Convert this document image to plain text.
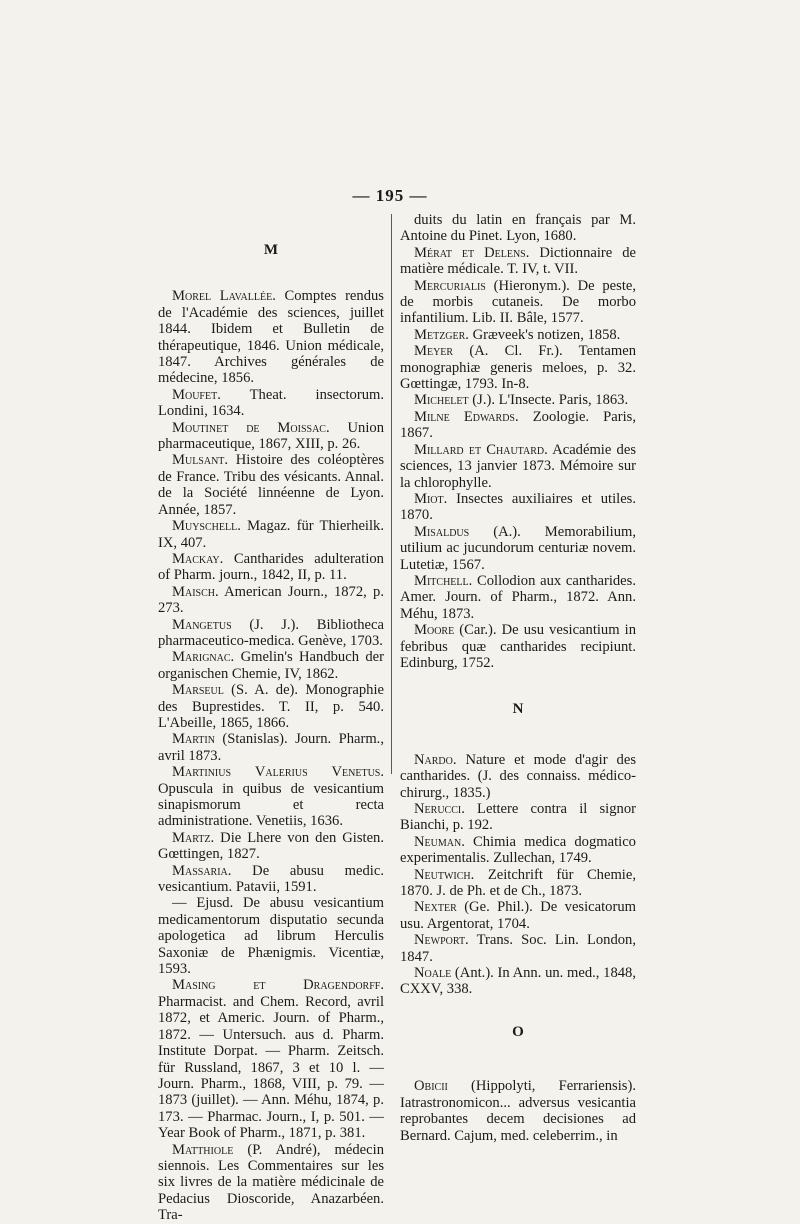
— 195 —
M

Morel Lavallée. Comptes rendus de l'Académie des sciences, juillet 1844. Ibidem et Bulletin de thérapeutique, 1846. Union médicale, 1847. Archives générales de médecine, 1856.

Moufet. Theat. insectorum. Londini, 1634.

Moutinet de Moissac. Union pharmaceutique, 1867, XIII, p. 26.

Mulsant. Histoire des coléoptères de France. Tribu des vésicants. Annal. de la Société linnéenne de Lyon. Année, 1857.

Muyschell. Magaz. für Thierheilk. IX, 407.

Mackay. Cantharides adulteration of Pharm. journ., 1842, II, p. 11.

Maisch. American Journ., 1872, p. 273.

Mangetus (J. J.). Bibliotheca pharmaceutico-medica. Genève, 1703.

Marignac. Gmelin's Handbuch der organischen Chemie, IV, 1862.

Marseul (S. A. de). Monographie des Buprestides. T. II, p. 540. L'Abeille, 1865, 1866.

Martin (Stanislas). Journ. Pharm., avril 1873.

Martinius Valerius Venetus. Opuscula in quibus de vesicantium sinapismorum et recta administratione. Venetiis, 1636.

Martz. Die Lhere von den Gisten. Gœttingen, 1827.

Massaria. De abusu medic. vesicantium. Patavii, 1591.

— Ejusd. De abusu vesicantium medicamentorum disputatio secunda apologetica ad librum Herculis Saxoniæ de Phænigmis. Vicentiæ, 1593.

Masing et Dragendorff. Pharmacist. and Chem. Record, avril 1872, et Americ. Journ. of Pharm., 1872. — Untersuch. aus d. Pharm. Institute Dorpat. — Pharm. Zeitsch. für Russland, 1867, 3 et 10 l. — Journ. Pharm., 1868, VIII, p. 79. — 1873 (juillet). — Ann. Méhu, 1874, p. 173. — Pharmac. Journ., I, p. 501. — Year Book of Pharm., 1871, p. 381.

Matthiole (P. André), médecin siennois. Les Commentaires sur les six livres de la matière médicinale de Pedacius Dioscoride, Anazarbéen. Tra-

duits du latin en français par M. Antoine du Pinet. Lyon, 1680.

Mérat et Delens. Dictionnaire de matière médicale. T. IV, t. VII.

Mercurialis (Hieronym.). De peste, de morbis cutaneis. De morbo infantilium. Lib. II. Bâle, 1577.

Metzger. Græveek's notizen, 1858.

Meyer (A. Cl. Fr.). Tentamen monographiæ generis meloes, p. 32. Gœttingæ, 1793. In-8.

Michelet (J.). L'Insecte. Paris, 1863.

Milne Edwards. Zoologie. Paris, 1867.

Millard et Chautard. Académie des sciences, 13 janvier 1873. Mémoire sur la chlorophylle.

Miot. Insectes auxiliaires et utiles. 1870.

Misaldus (A.). Memorabilium, utilium ac jucundorum centuriæ novem. Lutetiæ, 1567.

Mitchell. Collodion aux cantharides. Amer. Journ. of Pharm., 1872. Ann. Méhu, 1873.

Moore (Car.). De usu vesicantium in febribus quæ cantharides recipiunt. Edinburg, 1752.

N

Nardo. Nature et mode d'agir des cantharides. (J. des connaiss. médico-chirurg., 1835.)

Nerucci. Lettere contra il signor Bianchi, p. 192.

Neuman. Chimia medica dogmatico experimentalis. Zullechan, 1749.

Neutwich. Zeitchrift für Chemie, 1870. J. de Ph. et de Ch., 1873.

Nexter (Ge. Phil.). De vesicatorum usu. Argentorat, 1704.

Newport. Trans. Soc. Lin. London, 1847.

Noale (Ant.). In Ann. un. med., 1848, CXXV, 338.

O

Obicii (Hippolyti, Ferrariensis). Iatrastronomicon... adversus vesicantia reprobantes decem decisiones ad Bernard. Cajum, med. celeberrim., in
